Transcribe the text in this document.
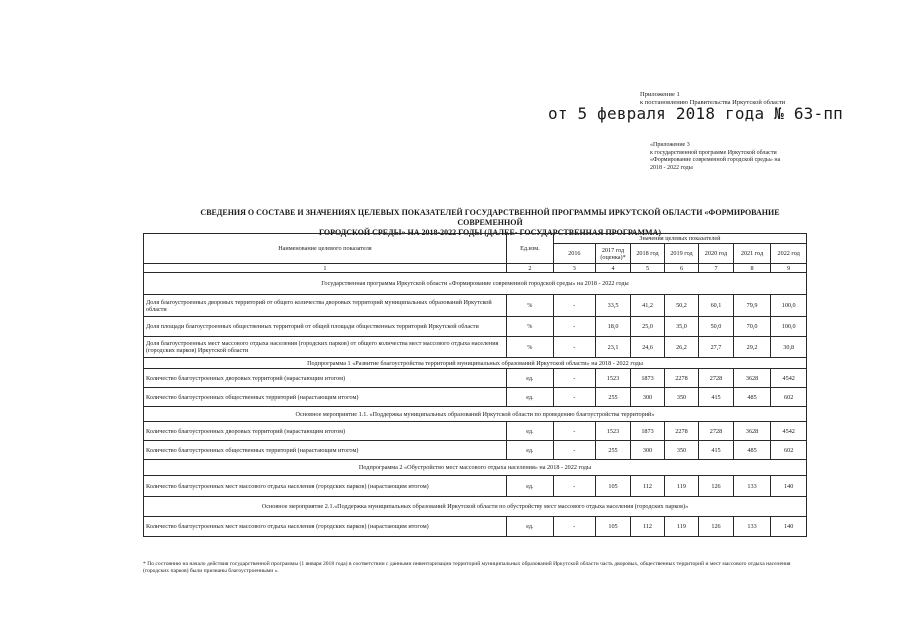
Приложение 1
к постановлению Правительства Иркутской области
от 5 февраля 2018 года № 63-пп
«Приложение 3
к государственной программе Иркутской области
«Формирование современной городской среды» на
2018 - 2022 годы
СВЕДЕНИЯ О СОСТАВЕ И ЗНАЧЕНИЯХ ЦЕЛЕВЫХ ПОКАЗАТЕЛЕЙ ГОСУДАРСТВЕННОЙ ПРОГРАММЫ ИРКУТСКОЙ ОБЛАСТИ «ФОРМИРОВАНИЕ СОВРЕМЕННОЙ
ГОРОДСКОЙ СРЕДЫ» НА 2018-2022 ГОДЫ (ДАЛЕЕ- ГОСУДАРСТВЕННАЯ ПРОГРАММА)
Наименование целевого показателя	Ед.изм.	Значения целевых показателей						
		2016	2017 год (оценка)*	2018 год	2019 год	2020 год	2021 год	2022 год
1	2	3	4	5	6	7	8	9
Государственная программа Иркутской области «Формирование современной городской среды» на 2018 - 2022 годы								
Доля благоустроенных дворовых территорий от общего количества дворовых территорий муниципальных образований Иркутской области	%	-	33,5	41,2	50,2	60,1	79,9	100,0
Доля площади благоустроенных общественных территорий от общей площади общественных территорий Иркутской области	%	-	18,0	25,0	35,0	50,0	70,0	100,0
Доля благоустроенных мест массового отдыха населения (городских парков) от общего количества мест массового отдыха населения (городских парков) Иркутской области	%	-	23,1	24,6	26,2	27,7	29,2	30,8
Подпрограмма 1 «Развитие благоустройства территорий муниципальных образований Иркутской области» на 2018 - 2022 годы								
Количество благоустроенных дворовых территорий (нарастающим итогом)	ед.	-	1523	1873	2278	2728	3628	4542
Количество благоустроенных общественных территорий (нарастающим итогом)	ед.	-	255	300	350	415	485	602
Основное мероприятие 1.1. «Поддержка муниципальных образований Иркутской области по проведению благоустройства территорий»								
Количество благоустроенных дворовых территорий (нарастающим итогом)	ед.	-	1523	1873	2278	2728	3628	4542
Количество благоустроенных общественных территорий (нарастающим итогом)	ед.	-	255	300	350	415	485	602
Подпрограмма 2 «Обустройство мест массового отдыха населения» на 2018 - 2022 годы								
Количество благоустроенных мест массового отдыха населения (городских парков) (нарастающим итогом)	ед.	-	105	112	119	126	133	140
Основное мероприятие 2.1.«Поддержка муниципальных образований Иркутской области по обустройству мест массового отдыха населения (городских парков)»								
Количество благоустроенных мест массового отдыха населения (городских парков) (нарастающим итогом)	ед.	-	105	112	119	126	133	140
* По состоянию на начало действия государственной программы (1 января 2018 года) в соответствии с данными инвентаризации территорий муниципальных образований Иркутской области часть дворовых, общественных территорий и мест массового отдыха населения (городских парков) были признаны благоустроенными ».
